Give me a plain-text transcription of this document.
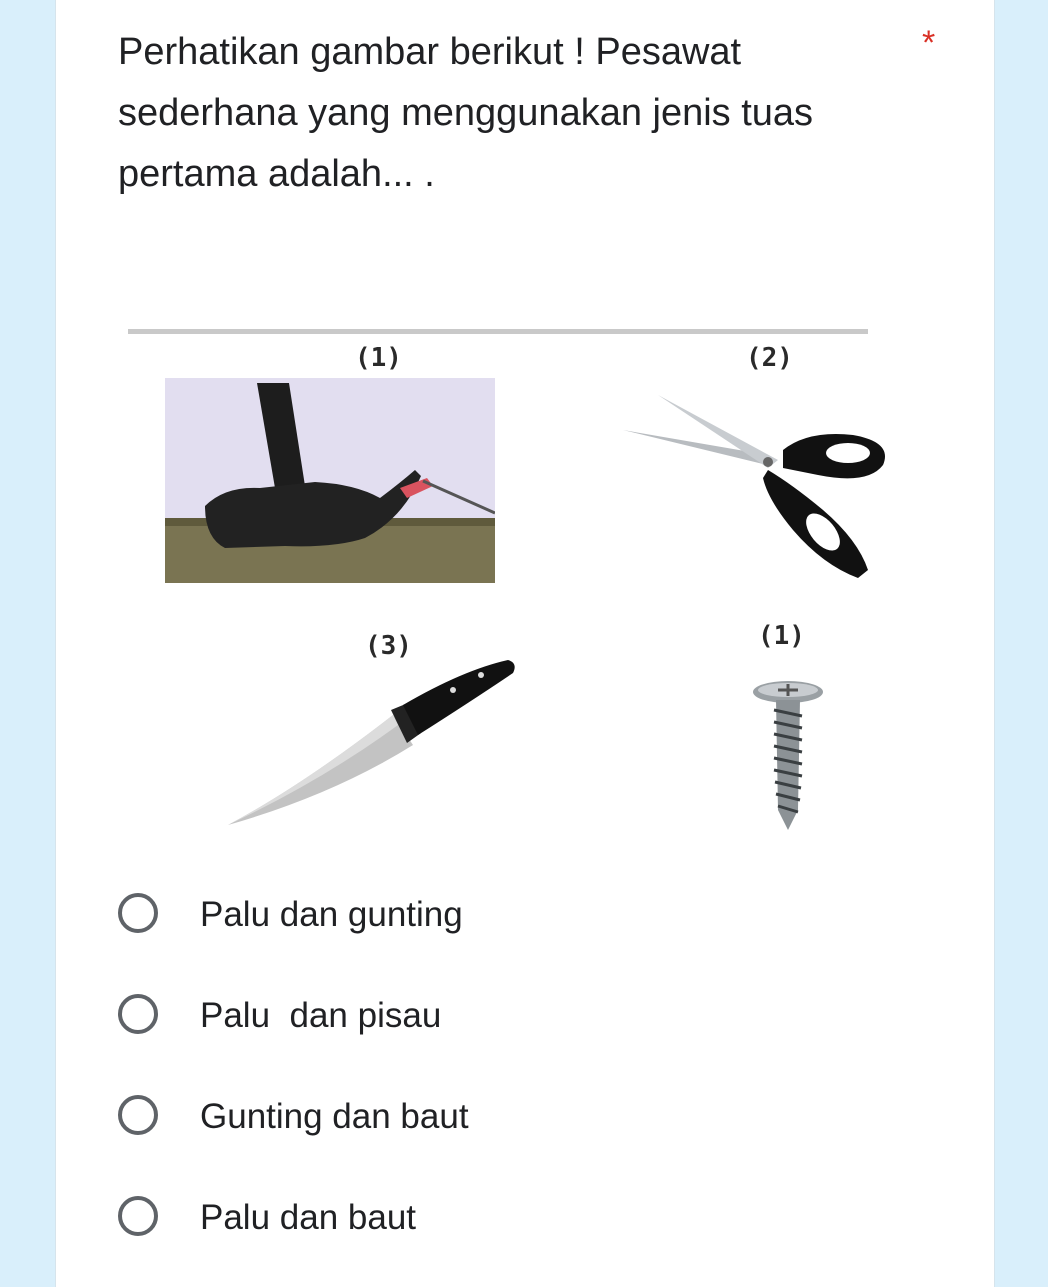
Perhatikan gambar berikut ! Pesawat
sederhana yang menggunakan jenis tuas
pertama adalah... .
*
(1)	(2)
(3)	(1)
Palu dan gunting
Palu  dan pisau
Gunting dan baut
Palu dan baut
